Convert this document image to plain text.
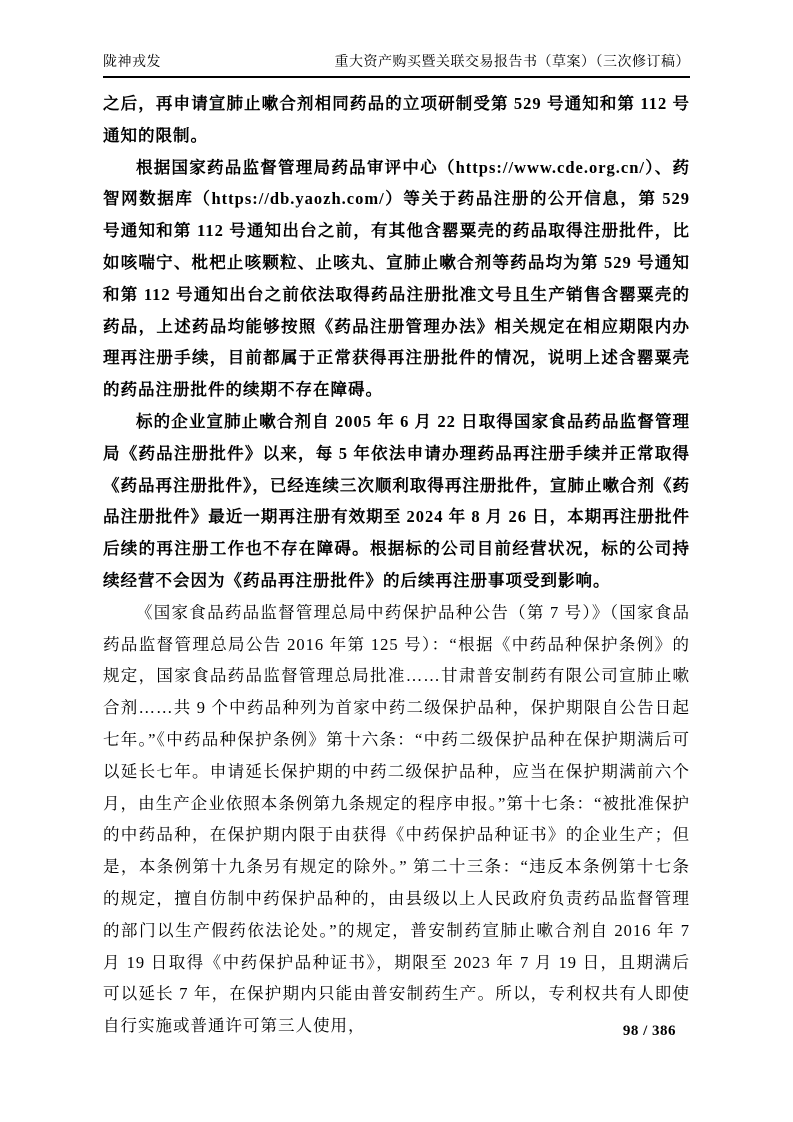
陇神戎发	重大资产购买暨关联交易报告书（草案）（三次修订稿）

之后，再申请宣肺止嗽合剂相同药品的立项研制受第 529 号通知和第 112 号通知的限制。

根据国家药品监督管理局药品审评中心（https://www.cde.org.cn/）、药智网数据库（https://db.yaozh.com/）等关于药品注册的公开信息，第 529 号通知和第 112 号通知出台之前，有其他含罂粟壳的药品取得注册批件，比如咳喘宁、枇杷止咳颗粒、止咳丸、宣肺止嗽合剂等药品均为第 529 号通知和第 112 号通知出台之前依法取得药品注册批准文号且生产销售含罂粟壳的药品，上述药品均能够按照《药品注册管理办法》相关规定在相应期限内办理再注册手续，目前都属于正常获得再注册批件的情况，说明上述含罂粟壳的药品注册批件的续期不存在障碍。

标的企业宣肺止嗽合剂自 2005 年 6 月 22 日取得国家食品药品监督管理局《药品注册批件》以来，每 5 年依法申请办理药品再注册手续并正常取得《药品再注册批件》，已经连续三次顺利取得再注册批件，宣肺止嗽合剂《药品注册批件》最近一期再注册有效期至 2024 年 8 月 26 日，本期再注册批件后续的再注册工作也不存在障碍。根据标的公司目前经营状况，标的公司持续经营不会因为《药品再注册批件》的后续再注册事项受到影响。

《国家食品药品监督管理总局中药保护品种公告（第 7 号）》（国家食品药品监督管理总局公告 2016 年第 125 号）：“根据《中药品种保护条例》的规定，国家食品药品监督管理总局批准……甘肃普安制药有限公司宣肺止嗽合剂……共 9 个中药品种列为首家中药二级保护品种，保护期限自公告日起七年。”《中药品种保护条例》第十六条：“中药二级保护品种在保护期满后可以延长七年。申请延长保护期的中药二级保护品种，应当在保护期满前六个月，由生产企业依照本条例第九条规定的程序申报。”第十七条：“被批准保护的中药品种，在保护期内限于由获得《中药保护品种证书》的企业生产；但是，本条例第十九条另有规定的除外。” 第二十三条：“违反本条例第十七条的规定，擅自仿制中药保护品种的，由县级以上人民政府负责药品监督管理的部门以生产假药依法论处。”的规定，普安制药宣肺止嗽合剂自 2016 年 7 月 19 日取得《中药保护品种证书》，期限至 2023 年 7 月 19 日，且期满后可以延长 7 年，在保护期内只能由普安制药生产。所以，专利权共有人即使自行实施或普通许可第三人使用，	98 / 386
